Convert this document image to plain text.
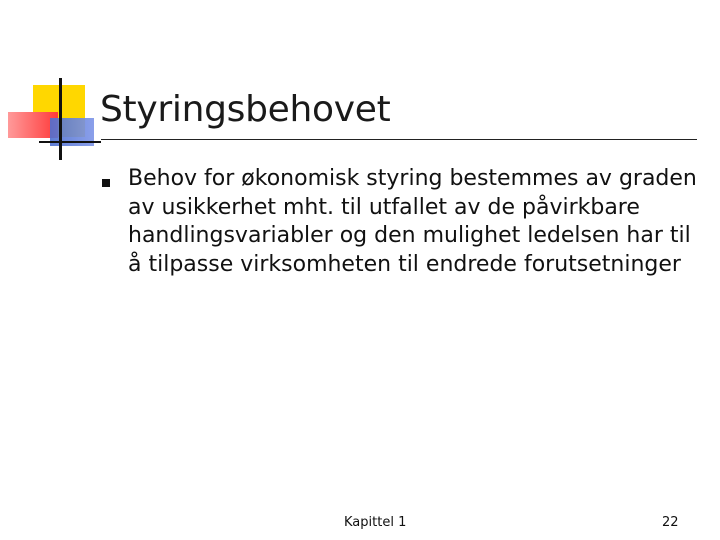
Styringsbehovet

Behov for økonomisk styring bestemmes av graden av usikkerhet mht. til utfallet av de påvirkbare handlingsvariabler og den mulighet ledelsen har til å tilpasse virksomheten til endrede forutsetninger

Kapittel 1	22
